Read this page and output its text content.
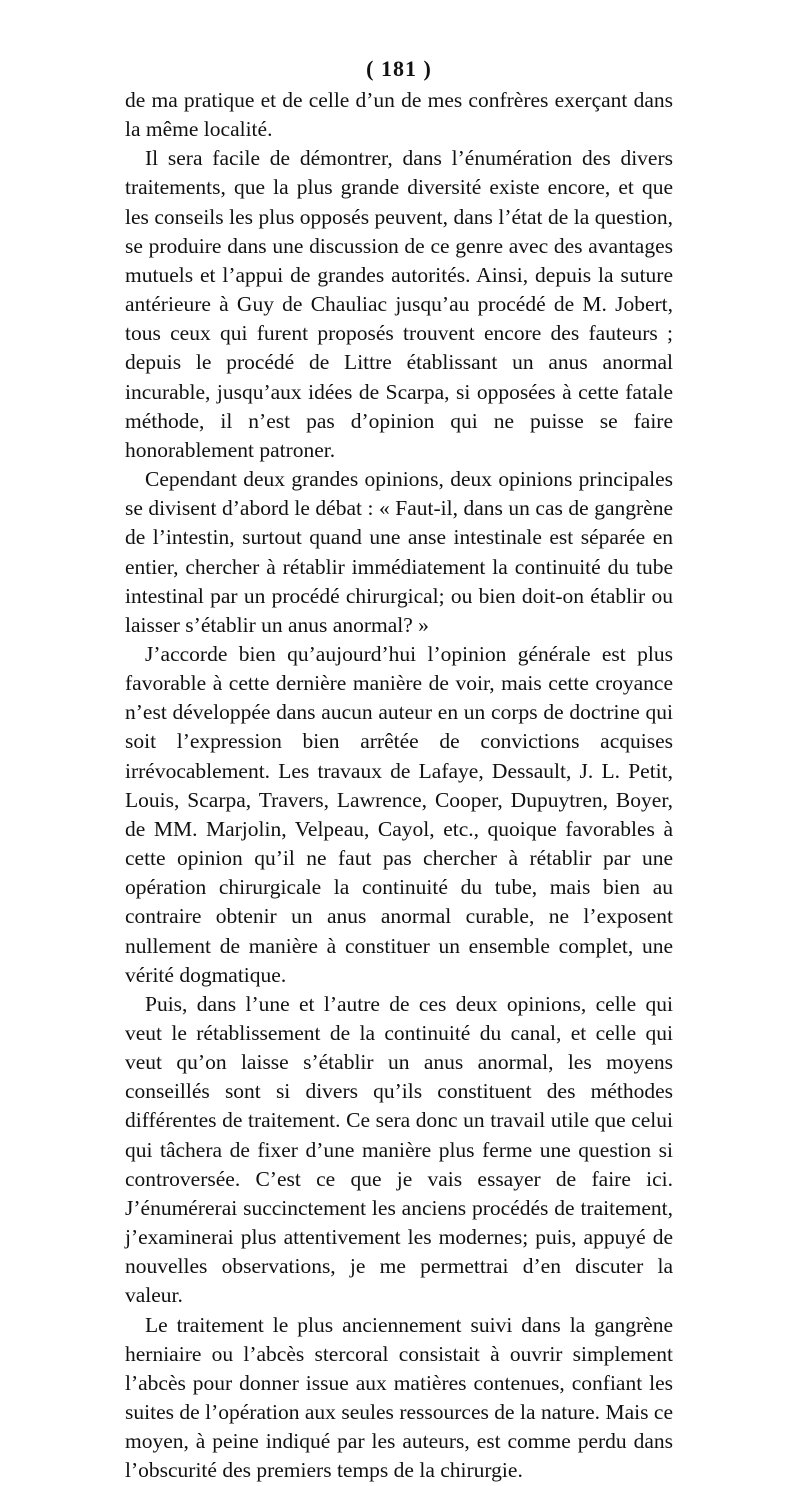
( 181 )

de ma pratique et de celle d’un de mes confrères exerçant dans la même localité.

Il sera facile de démontrer, dans l’énumération des divers traitements, que la plus grande diversité existe encore, et que les conseils les plus opposés peuvent, dans l’état de la question, se produire dans une discussion de ce genre avec des avantages mutuels et l’appui de grandes autorités. Ainsi, depuis la suture antérieure à Guy de Chauliac jusqu’au procédé de M. Jobert, tous ceux qui furent proposés trouvent encore des fauteurs ; depuis le procédé de Littre établissant un anus anormal incurable, jusqu’aux idées de Scarpa, si opposées à cette fatale méthode, il n’est pas d’opinion qui ne puisse se faire honorablement patroner.

Cependant deux grandes opinions, deux opinions principales se divisent d’abord le débat : « Faut-il, dans un cas de gangrène de l’intestin, surtout quand une anse intestinale est séparée en entier, chercher à rétablir immédiatement la continuité du tube intestinal par un procédé chirurgical; ou bien doit-on établir ou laisser s’établir un anus anormal? »

J’accorde bien qu’aujourd’hui l’opinion générale est plus favorable à cette dernière manière de voir, mais cette croyance n’est développée dans aucun auteur en un corps de doctrine qui soit l’expression bien arrêtée de convictions acquises irrévocablement. Les travaux de Lafaye, Dessault, J. L. Petit, Louis, Scarpa, Travers, Lawrence, Cooper, Dupuytren, Boyer, de MM. Marjolin, Velpeau, Cayol, etc., quoique favorables à cette opinion qu’il ne faut pas chercher à rétablir par une opération chirurgicale la continuité du tube, mais bien au contraire obtenir un anus anormal curable, ne l’exposent nullement de manière à constituer un ensemble complet, une vérité dogmatique.

Puis, dans l’une et l’autre de ces deux opinions, celle qui veut le rétablissement de la continuité du canal, et celle qui veut qu’on laisse s’établir un anus anormal, les moyens conseillés sont si divers qu’ils constituent des méthodes différentes de traitement. Ce sera donc un travail utile que celui qui tâchera de fixer d’une manière plus ferme une question si controversée. C’est ce que je vais essayer de faire ici. J’énumérerai succinctement les anciens procédés de traitement, j’examinerai plus attentivement les modernes; puis, appuyé de nouvelles observations, je me permettrai d’en discuter la valeur.

Le traitement le plus anciennement suivi dans la gangrène herniaire ou l’abcès stercoral consistait à ouvrir simplement l’abcès pour donner issue aux matières contenues, confiant les suites de l’opération aux seules ressources de la nature. Mais ce moyen, à peine indiqué par les auteurs, est comme perdu dans l’obscurité des premiers temps de la chirurgie.
